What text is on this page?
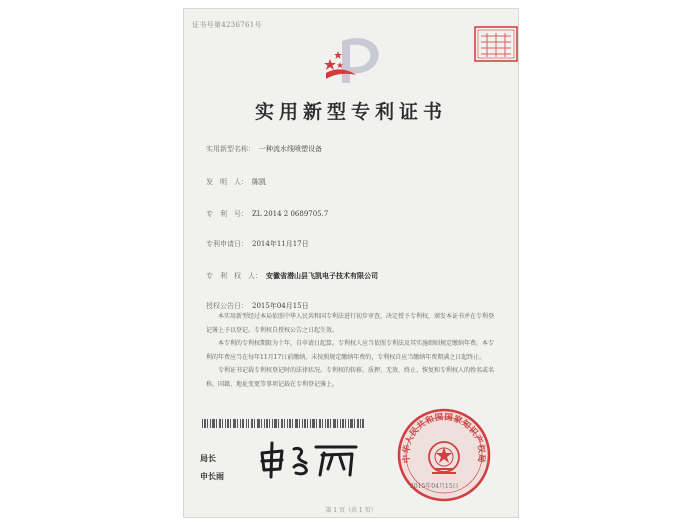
证书号第4236761号
实用新型专利证书
实用新型名称： 一种流水线喷塑设备
发　明　人： 陈凯
专　利　号： ZL 2014 2 0689705.7
专利申请日： 2014年11月17日
专　利　权　人： 安徽省潜山县飞凯电子技术有限公司
授权公告日： 2015年04月15日

本实用新型经过本局依照中华人民共和国专利法进行初步审查，决定授予专利权，颁发本证书并在专利登记簿上予以登记。专利权自授权公告之日起生效。

本专利的专利权期限为十年，自申请日起算。专利权人应当依照专利法及其实施细则规定缴纳年费。本专利的年费应当在每年11月17日前缴纳。未按照规定缴纳年费的，专利权自应当缴纳年费期满之日起终止。

专利证书记载专利权登记时的法律状况。专利权的转移、质押、无效、终止、恢复和专利权人的姓名或名称、国籍、地址变更等事项记载在专利登记簿上。

局长
申长雨
中华人民共和国国家知识产权局
2015年04月15日
第 1 页（共 1 页）
